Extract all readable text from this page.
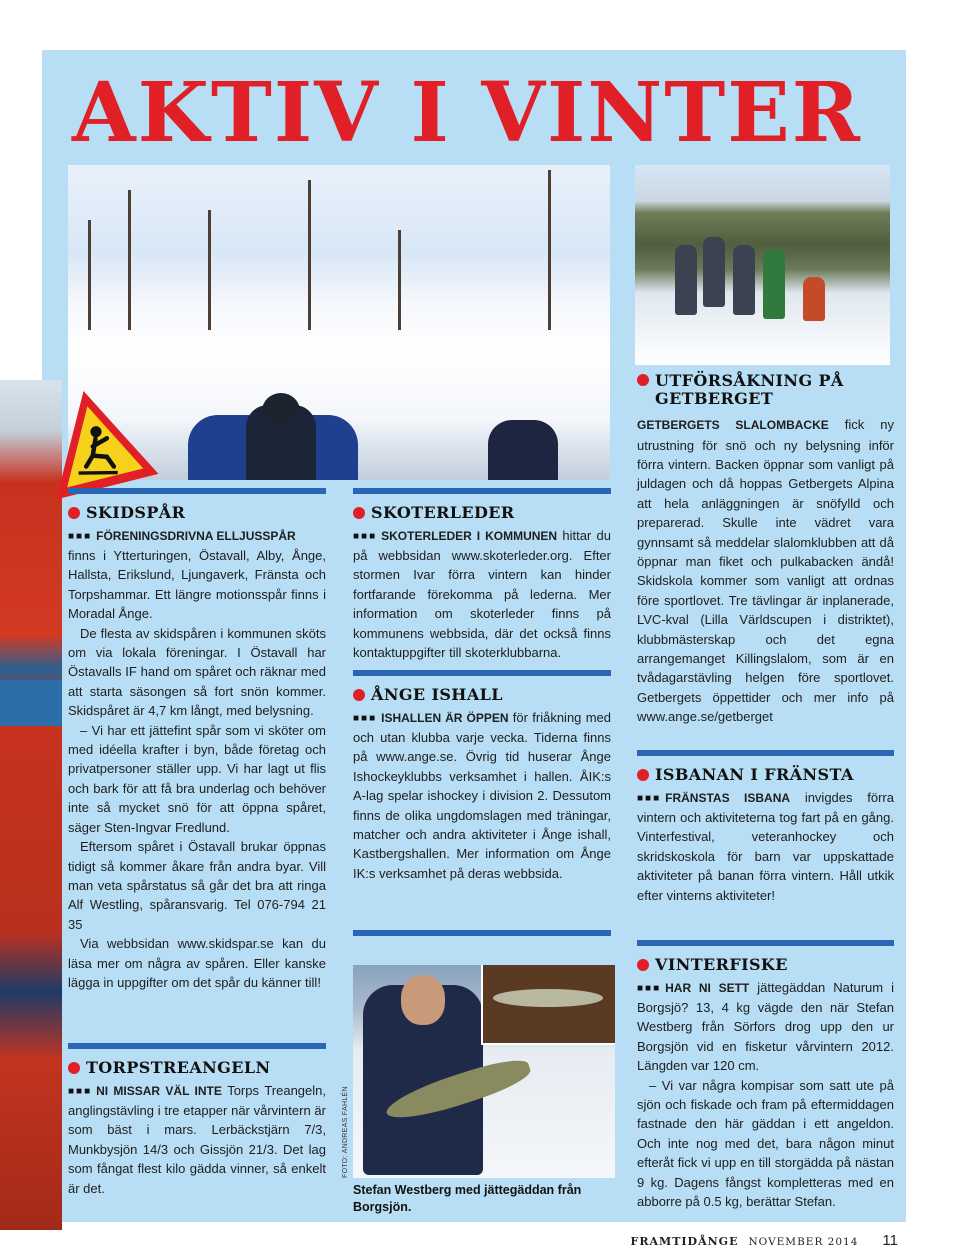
AKTIV I VINTER
FOTO: ANDREAS FAHLÉN
Stefan Westberg med jättegäddan från Borgsjön.
SKIDSPÅR

■■■ FÖRENINGSDRIVNA ELLJUSSPÅR
finns i Ytterturingen, Östavall, Alby, Ånge, Hallsta, Erikslund, Ljungaverk, Fränsta och Torpshammar. Ett längre motionsspår finns i Moradal Ånge.

De flesta av skidspåren i kommunen sköts om via lokala föreningar. I Östavall har Östavalls IF hand om spåret och räknar med att starta säsongen så fort snön kommer. Skidspåret är 4,7 km långt, med belysning.

– Vi har ett jättefint spår som vi sköter om med idéella krafter i byn, både företag och privatpersoner ställer upp. Vi har lagt ut flis och bark för att få bra underlag och behöver inte så mycket snö för att öppna spåret, säger Sten-Ingvar Fredlund.

Eftersom spåret i Östavall brukar öppnas tidigt så kommer åkare från andra byar. Vill man veta spårstatus så går det bra att ringa Alf Westling, spåransvarig. Tel 076-794 21 35

Via webbsidan www.skidspar.se kan du läsa mer om några av spåren. Eller kanske lägga in uppgifter om det spår du känner till!

TORPSTREANGELN

■■■ NI MISSAR VÄL INTE Torps Treangeln, anglingstävling i tre etapper när vårvintern är som bäst i mars. Lerbäckstjärn 7/3, Munkbysjön 14/3 och Gissjön 21/3. Det lag som fångat flest kilo gädda vinner, så enkelt är det.

SKOTERLEDER

■■■ SKOTERLEDER I KOMMUNEN hittar du på webbsidan www.skoterleder.org. Efter stormen Ivar förra vintern kan hinder fortfarande förekomma på lederna. Mer information om skoterleder finns på kommunens webbsida, där det också finns kontaktuppgifter till skoterklubbarna.

ÅNGE ISHALL

■■■ ISHALLEN ÄR ÖPPEN för friåkning med och utan klubba varje vecka. Tiderna finns på www.ange.se. Övrig tid huserar Ånge Ishockeyklubbs verksamhet i hallen. ÅIK:s A-lag spelar ishockey i division 2. Dessutom finns de olika ungdomslagen med träningar, matcher och andra aktiviteter i Ånge ishall, Kastbergshallen. Mer information om Ånge IK:s verksamhet på deras webbsida.

UTFÖRSÅKNING PÅ GETBERGET

GETBERGETS SLALOMBACKE fick ny utrustning för snö och ny belysning inför förra vintern. Backen öppnar som vanligt på juldagen och då hoppas Getbergets Alpina att hela anläggningen är snöfylld och preparerad. Skulle inte vädret vara gynnsamt så meddelar slalomklubben att då öppnar man fiket och pulkabacken ändå! Skidskola kommer som vanligt att ordnas före sportlovet. Tre tävlingar är inplanerade, LVC-kval (Lilla Världscupen i distriktet), klubbmästerskap och det egna arrangemanget Killingslalom, som är en tvådagarstävling helgen före sportlovet. Getbergets öppettider och mer info på www.ange.se/getberget

ISBANAN I FRÄNSTA

■■■ FRÄNSTAS ISBANA invigdes förra vintern och aktiviteterna tog fart på en gång. Vinterfestival, veteranhockey och skridskoskola för barn var uppskattade aktiviteter på banan förra vintern. Håll utkik efter vinterns aktiviteter!

VINTERFISKE

■■■ HAR NI SETT jättegäddan Naturum i Borgsjö? 13, 4 kg vägde den när Stefan Westberg från Sörfors drog upp den ur Borgsjön vid en fisketur vårvintern 2012. Längden var 120 cm.

– Vi var några kompisar som satt ute på sjön och fiskade och fram på eftermiddagen fastnade den här gäddan i ett angeldon. Och inte nog med det, bara någon minut efteråt fick vi upp en till storgädda på nästan 9 kg. Dagens fångst kompletteras med en abborre på 0.5 kg, berättar Stefan.

FRAMTIDÅNGE NOVEMBER 2014 11
